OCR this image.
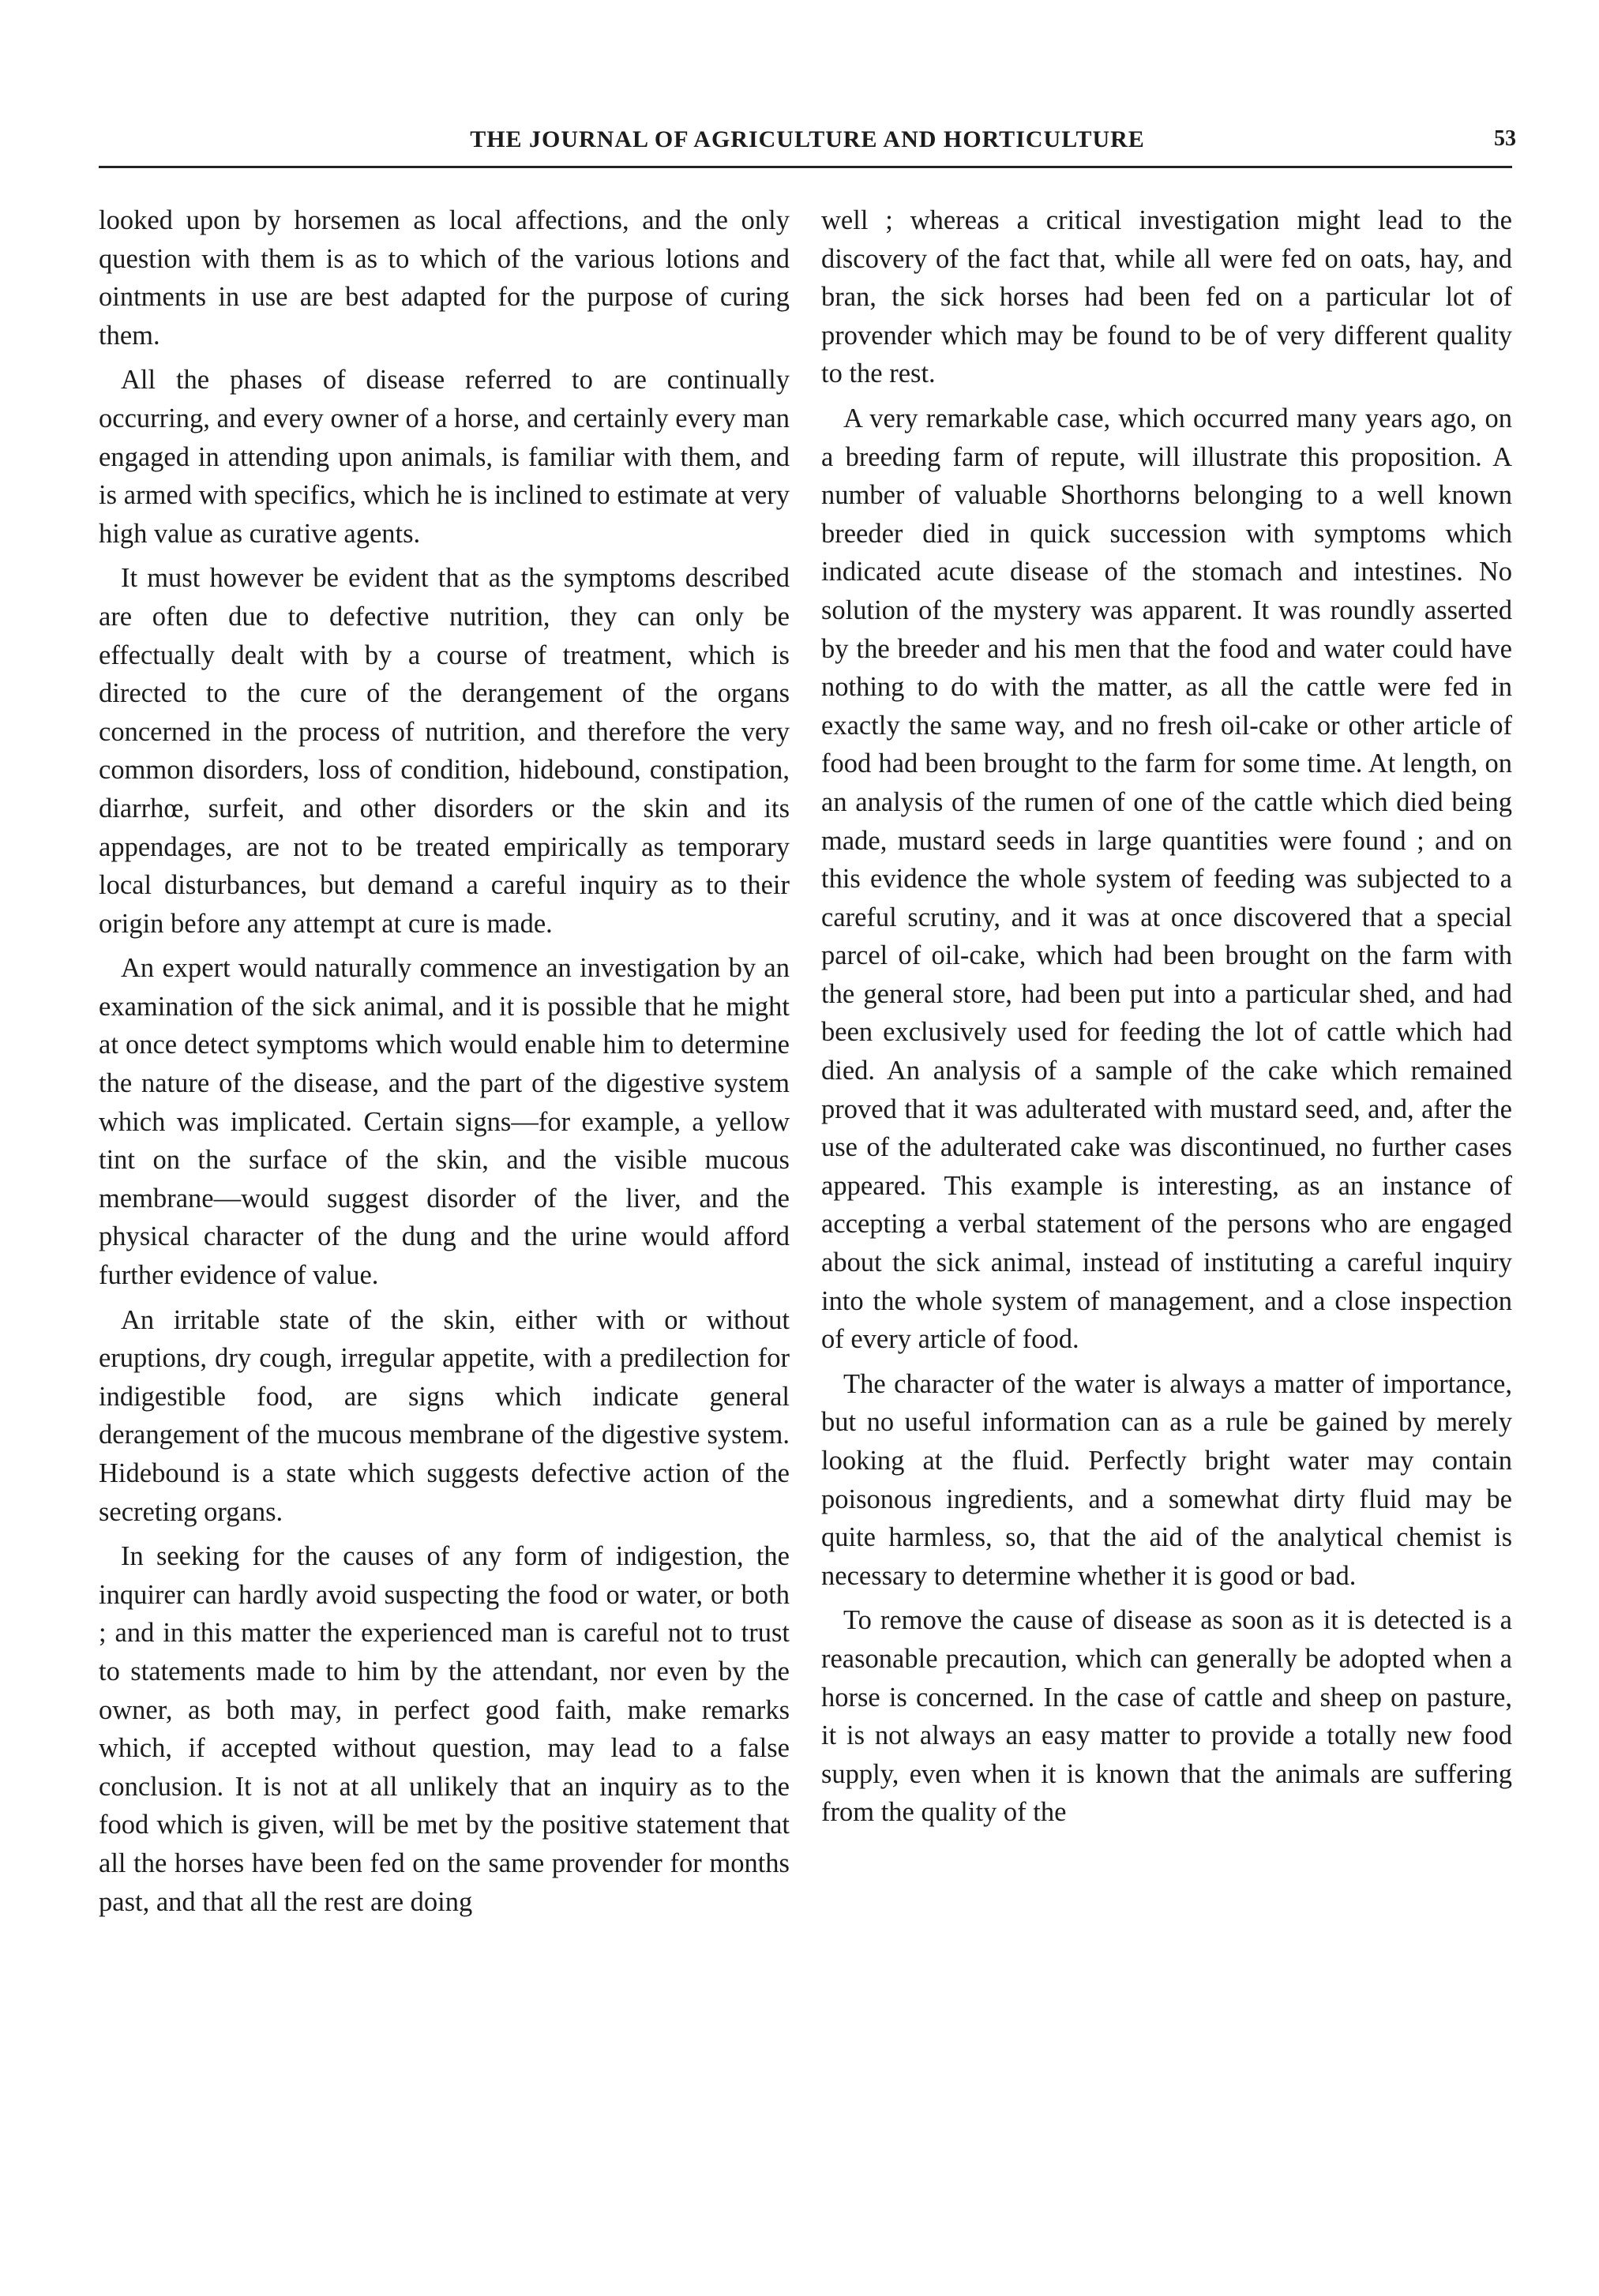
THE JOURNAL OF AGRICULTURE AND HORTICULTURE	53

looked upon by horsemen as local affections, and the only question with them is as to which of the various lotions and ointments in use are best adapted for the purpose of curing them.

All the phases of disease referred to are continually occurring, and every owner of a horse, and certainly every man engaged in attending upon animals, is familiar with them, and is armed with specifics, which he is inclined to estimate at very high value as curative agents.

It must however be evident that as the symptoms described are often due to defective nutrition, they can only be effectually dealt with by a course of treatment, which is directed to the cure of the derangement of the organs concerned in the process of nutrition, and therefore the very common disorders, loss of condition, hidebound, constipation, diarrhœ, surfeit, and other disorders or the skin and its appendages, are not to be treated empirically as temporary local disturbances, but demand a careful inquiry as to their origin before any attempt at cure is made.

An expert would naturally commence an investigation by an examination of the sick animal, and it is possible that he might at once detect symptoms which would enable him to determine the nature of the disease, and the part of the digestive system which was implicated. Certain signs—for example, a yellow tint on the surface of the skin, and the visible mucous membrane—would suggest disorder of the liver, and the physical character of the dung and the urine would afford further evidence of value.

An irritable state of the skin, either with or without eruptions, dry cough, irregular appetite, with a predilection for indigestible food, are signs which indicate general derangement of the mucous membrane of the digestive system. Hidebound is a state which suggests defective action of the secreting organs.

In seeking for the causes of any form of indigestion, the inquirer can hardly avoid suspecting the food or water, or both ; and in this matter the experienced man is careful not to trust to statements made to him by the attendant, nor even by the owner, as both may, in perfect good faith, make remarks which, if accepted without question, may lead to a false conclusion. It is not at all unlikely that an inquiry as to the food which is given, will be met by the positive statement that all the horses have been fed on the same provender for months past, and that all the rest are doing

well ; whereas a critical investigation might lead to the discovery of the fact that, while all were fed on oats, hay, and bran, the sick horses had been fed on a particular lot of provender which may be found to be of very different quality to the rest.

A very remarkable case, which occurred many years ago, on a breeding farm of repute, will illustrate this proposition. A number of valuable Shorthorns belonging to a well known breeder died in quick succession with symptoms which indicated acute disease of the stomach and intestines. No solution of the mystery was apparent. It was roundly asserted by the breeder and his men that the food and water could have nothing to do with the matter, as all the cattle were fed in exactly the same way, and no fresh oil-cake or other article of food had been brought to the farm for some time. At length, on an analysis of the rumen of one of the cattle which died being made, mustard seeds in large quantities were found ; and on this evidence the whole system of feeding was subjected to a careful scrutiny, and it was at once discovered that a special parcel of oil-cake, which had been brought on the farm with the general store, had been put into a particular shed, and had been exclusively used for feeding the lot of cattle which had died. An analysis of a sample of the cake which remained proved that it was adulterated with mustard seed, and, after the use of the adulterated cake was discontinued, no further cases appeared. This example is interesting, as an instance of accepting a verbal statement of the persons who are engaged about the sick animal, instead of instituting a careful inquiry into the whole system of management, and a close inspection of every article of food.

The character of the water is always a matter of importance, but no useful information can as a rule be gained by merely looking at the fluid. Perfectly bright water may contain poisonous ingredients, and a somewhat dirty fluid may be quite harmless, so, that the aid of the analytical chemist is necessary to determine whether it is good or bad.

To remove the cause of disease as soon as it is detected is a reasonable precaution, which can generally be adopted when a horse is concerned. In the case of cattle and sheep on pasture, it is not always an easy matter to provide a totally new food supply, even when it is known that the animals are suffering from the quality of the
